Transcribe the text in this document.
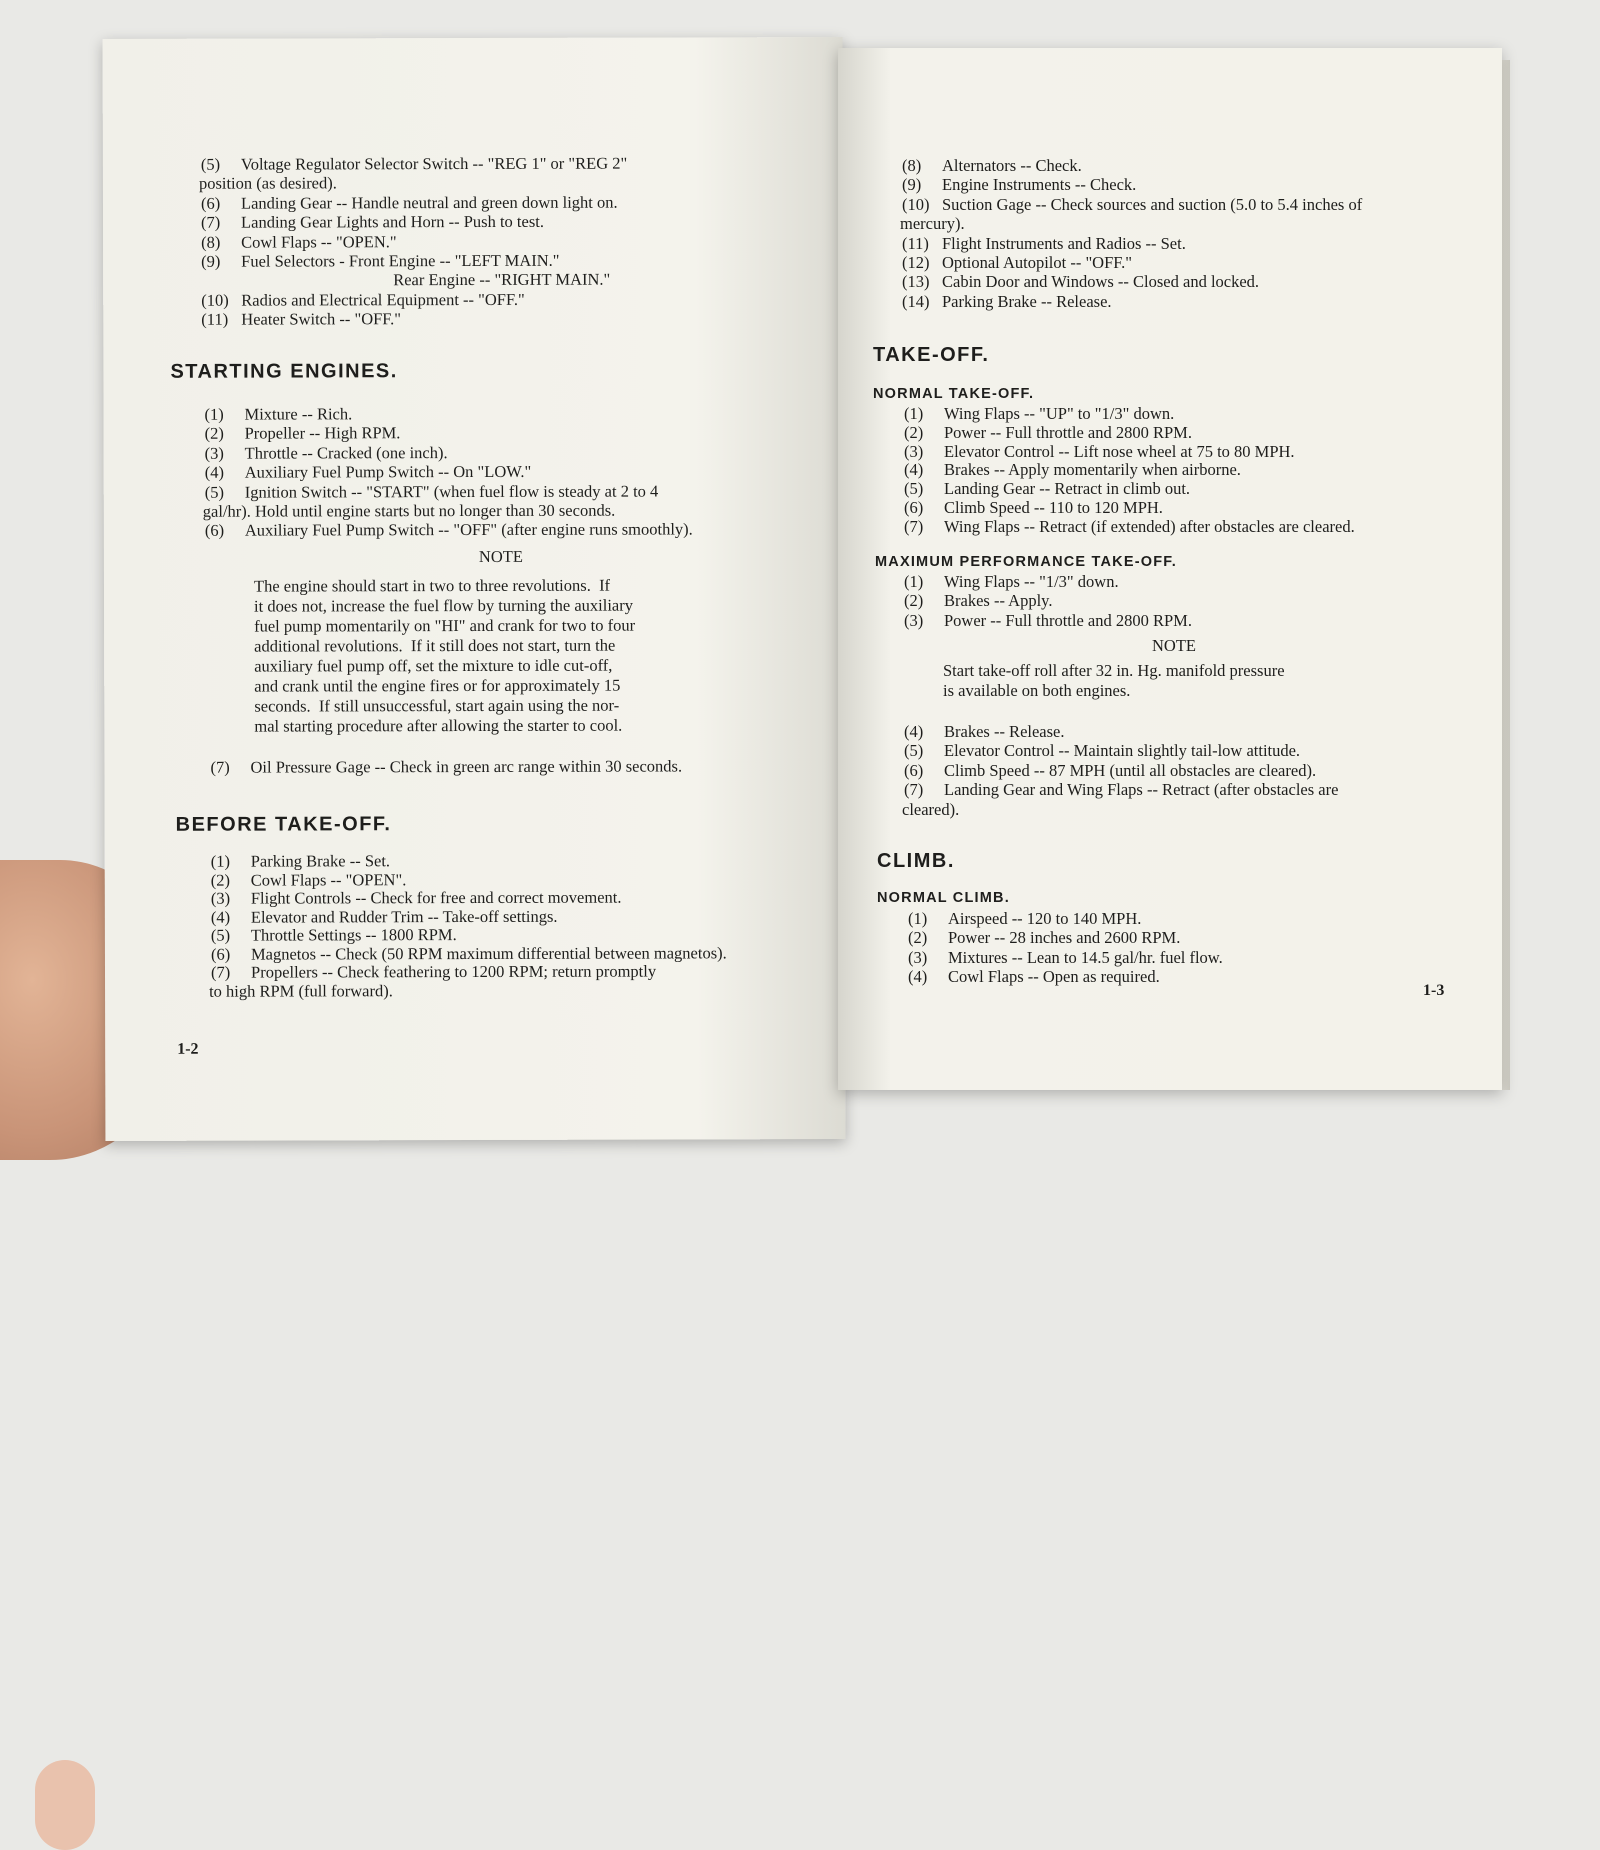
(5) Voltage Regulator Selector Switch -- "REG 1" or "REG 2"
position (as desired).
(6) Landing Gear -- Handle neutral and green down light on.
(7) Landing Gear Lights and Horn -- Push to test.
(8) Cowl Flaps -- "OPEN."
(9) Fuel Selectors - Front Engine -- "LEFT MAIN."
Rear Engine -- "RIGHT MAIN."
(10) Radios and Electrical Equipment -- "OFF."
(11) Heater Switch -- "OFF."
STARTING ENGINES.
(1) Mixture -- Rich.
(2) Propeller -- High RPM.
(3) Throttle -- Cracked (one inch).
(4) Auxiliary Fuel Pump Switch -- On "LOW."
(5) Ignition Switch -- "START" (when fuel flow is steady at 2 to 4
gal/hr). Hold until engine starts but no longer than 30 seconds.
(6) Auxiliary Fuel Pump Switch -- "OFF" (after engine runs smoothly).
NOTE
The engine should start in two to three revolutions.  If
it does not, increase the fuel flow by turning the auxiliary
fuel pump momentarily on "HI" and crank for two to four
additional revolutions.  If it still does not start, turn the
auxiliary fuel pump off, set the mixture to idle cut-off,
and crank until the engine fires or for approximately 15
seconds.  If still unsuccessful, start again using the nor-
mal starting procedure after allowing the starter to cool.
(7) Oil Pressure Gage -- Check in green arc range within 30 seconds.
BEFORE TAKE-OFF.
(1) Parking Brake -- Set.
(2) Cowl Flaps -- "OPEN".
(3) Flight Controls -- Check for free and correct movement.
(4) Elevator and Rudder Trim -- Take-off settings.
(5) Throttle Settings -- 1800 RPM.
(6) Magnetos -- Check (50 RPM maximum differential between magnetos).
(7) Propellers -- Check feathering to 1200 RPM; return promptly
to high RPM (full forward).
1-2
(8) Alternators -- Check.
(9) Engine Instruments -- Check.
(10) Suction Gage -- Check sources and suction (5.0 to 5.4 inches of
mercury).
(11) Flight Instruments and Radios -- Set.
(12) Optional Autopilot -- "OFF."
(13) Cabin Door and Windows -- Closed and locked.
(14) Parking Brake -- Release.
TAKE-OFF.
NORMAL TAKE-OFF.
(1) Wing Flaps -- "UP" to "1/3" down.
(2) Power -- Full throttle and 2800 RPM.
(3) Elevator Control -- Lift nose wheel at 75 to 80 MPH.
(4) Brakes -- Apply momentarily when airborne.
(5) Landing Gear -- Retract in climb out.
(6) Climb Speed -- 110 to 120 MPH.
(7) Wing Flaps -- Retract (if extended) after obstacles are cleared.
MAXIMUM PERFORMANCE TAKE-OFF.
(1) Wing Flaps -- "1/3" down.
(2) Brakes -- Apply.
(3) Power -- Full throttle and 2800 RPM.
NOTE
Start take-off roll after 32 in. Hg. manifold pressure
is available on both engines.
(4) Brakes -- Release.
(5) Elevator Control -- Maintain slightly tail-low attitude.
(6) Climb Speed -- 87 MPH (until all obstacles are cleared).
(7) Landing Gear and Wing Flaps -- Retract (after obstacles are
cleared).
CLIMB.
NORMAL CLIMB.
(1) Airspeed -- 120 to 140 MPH.
(2) Power -- 28 inches and 2600 RPM.
(3) Mixtures -- Lean to 14.5 gal/hr. fuel flow.
(4) Cowl Flaps -- Open as required.
1-3
